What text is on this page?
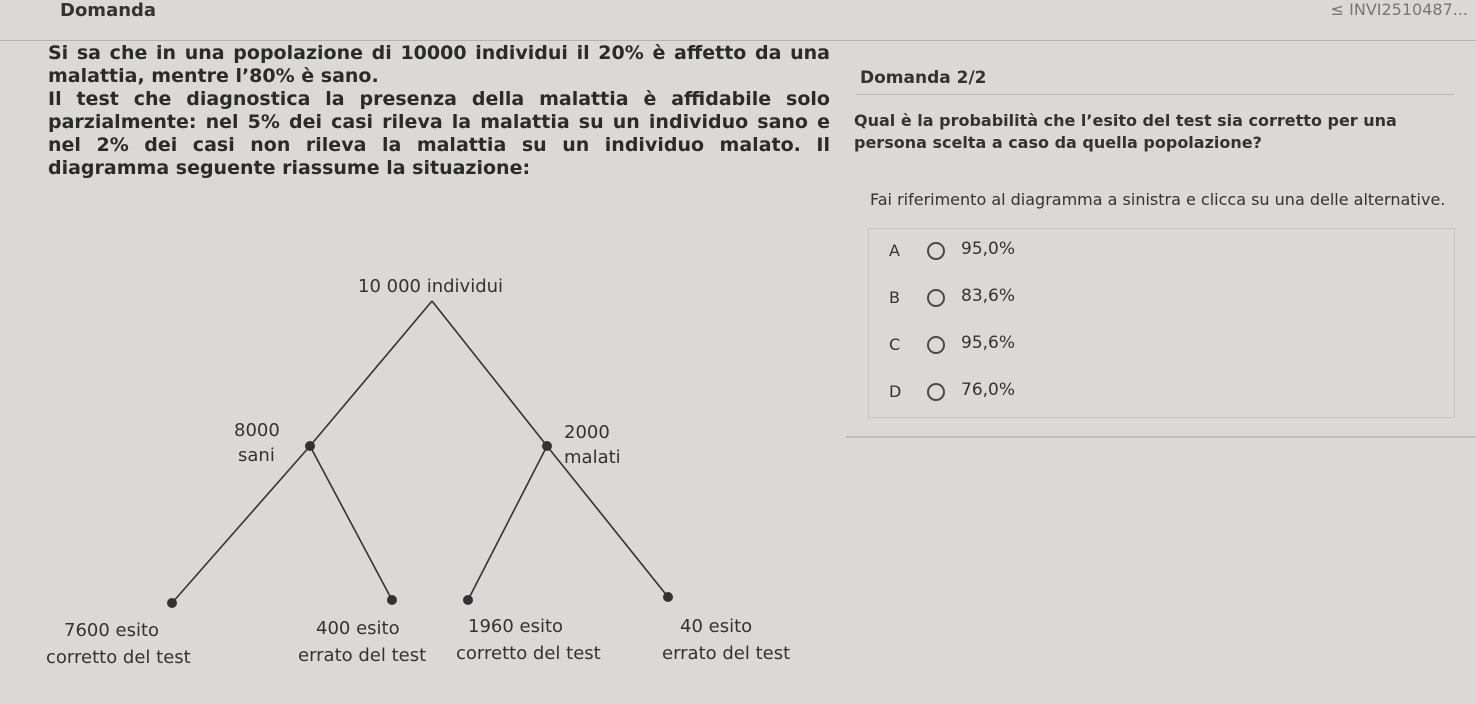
Domanda	≤ INVI2510487...

Si sa che in una popolazione di 10000 individui il 20% è affetto da una malattia, mentre l’80% è sano.

Il test che diagnostica la presenza della malattia è affidabile solo parzialmente: nel 5% dei casi rileva la malattia su un individuo sano e nel 2% dei casi non rileva la malattia su un individuo malato. Il diagramma seguente riassume la situazione:

10 000 individui
8000
sani
2000
malati
7600 esito
corretto del test
400 esito
errato del test
1960 esito
corretto del test
40 esito
errato del test
Domanda 2/2
Qual è la probabilità che l’esito del test sia corretto per una persona scelta a caso da quella popolazione?
Fai riferimento al diagramma a sinistra e clicca su una delle alternative.
A	95,0%
B	83,6%
C	95,6%
D	76,0%
